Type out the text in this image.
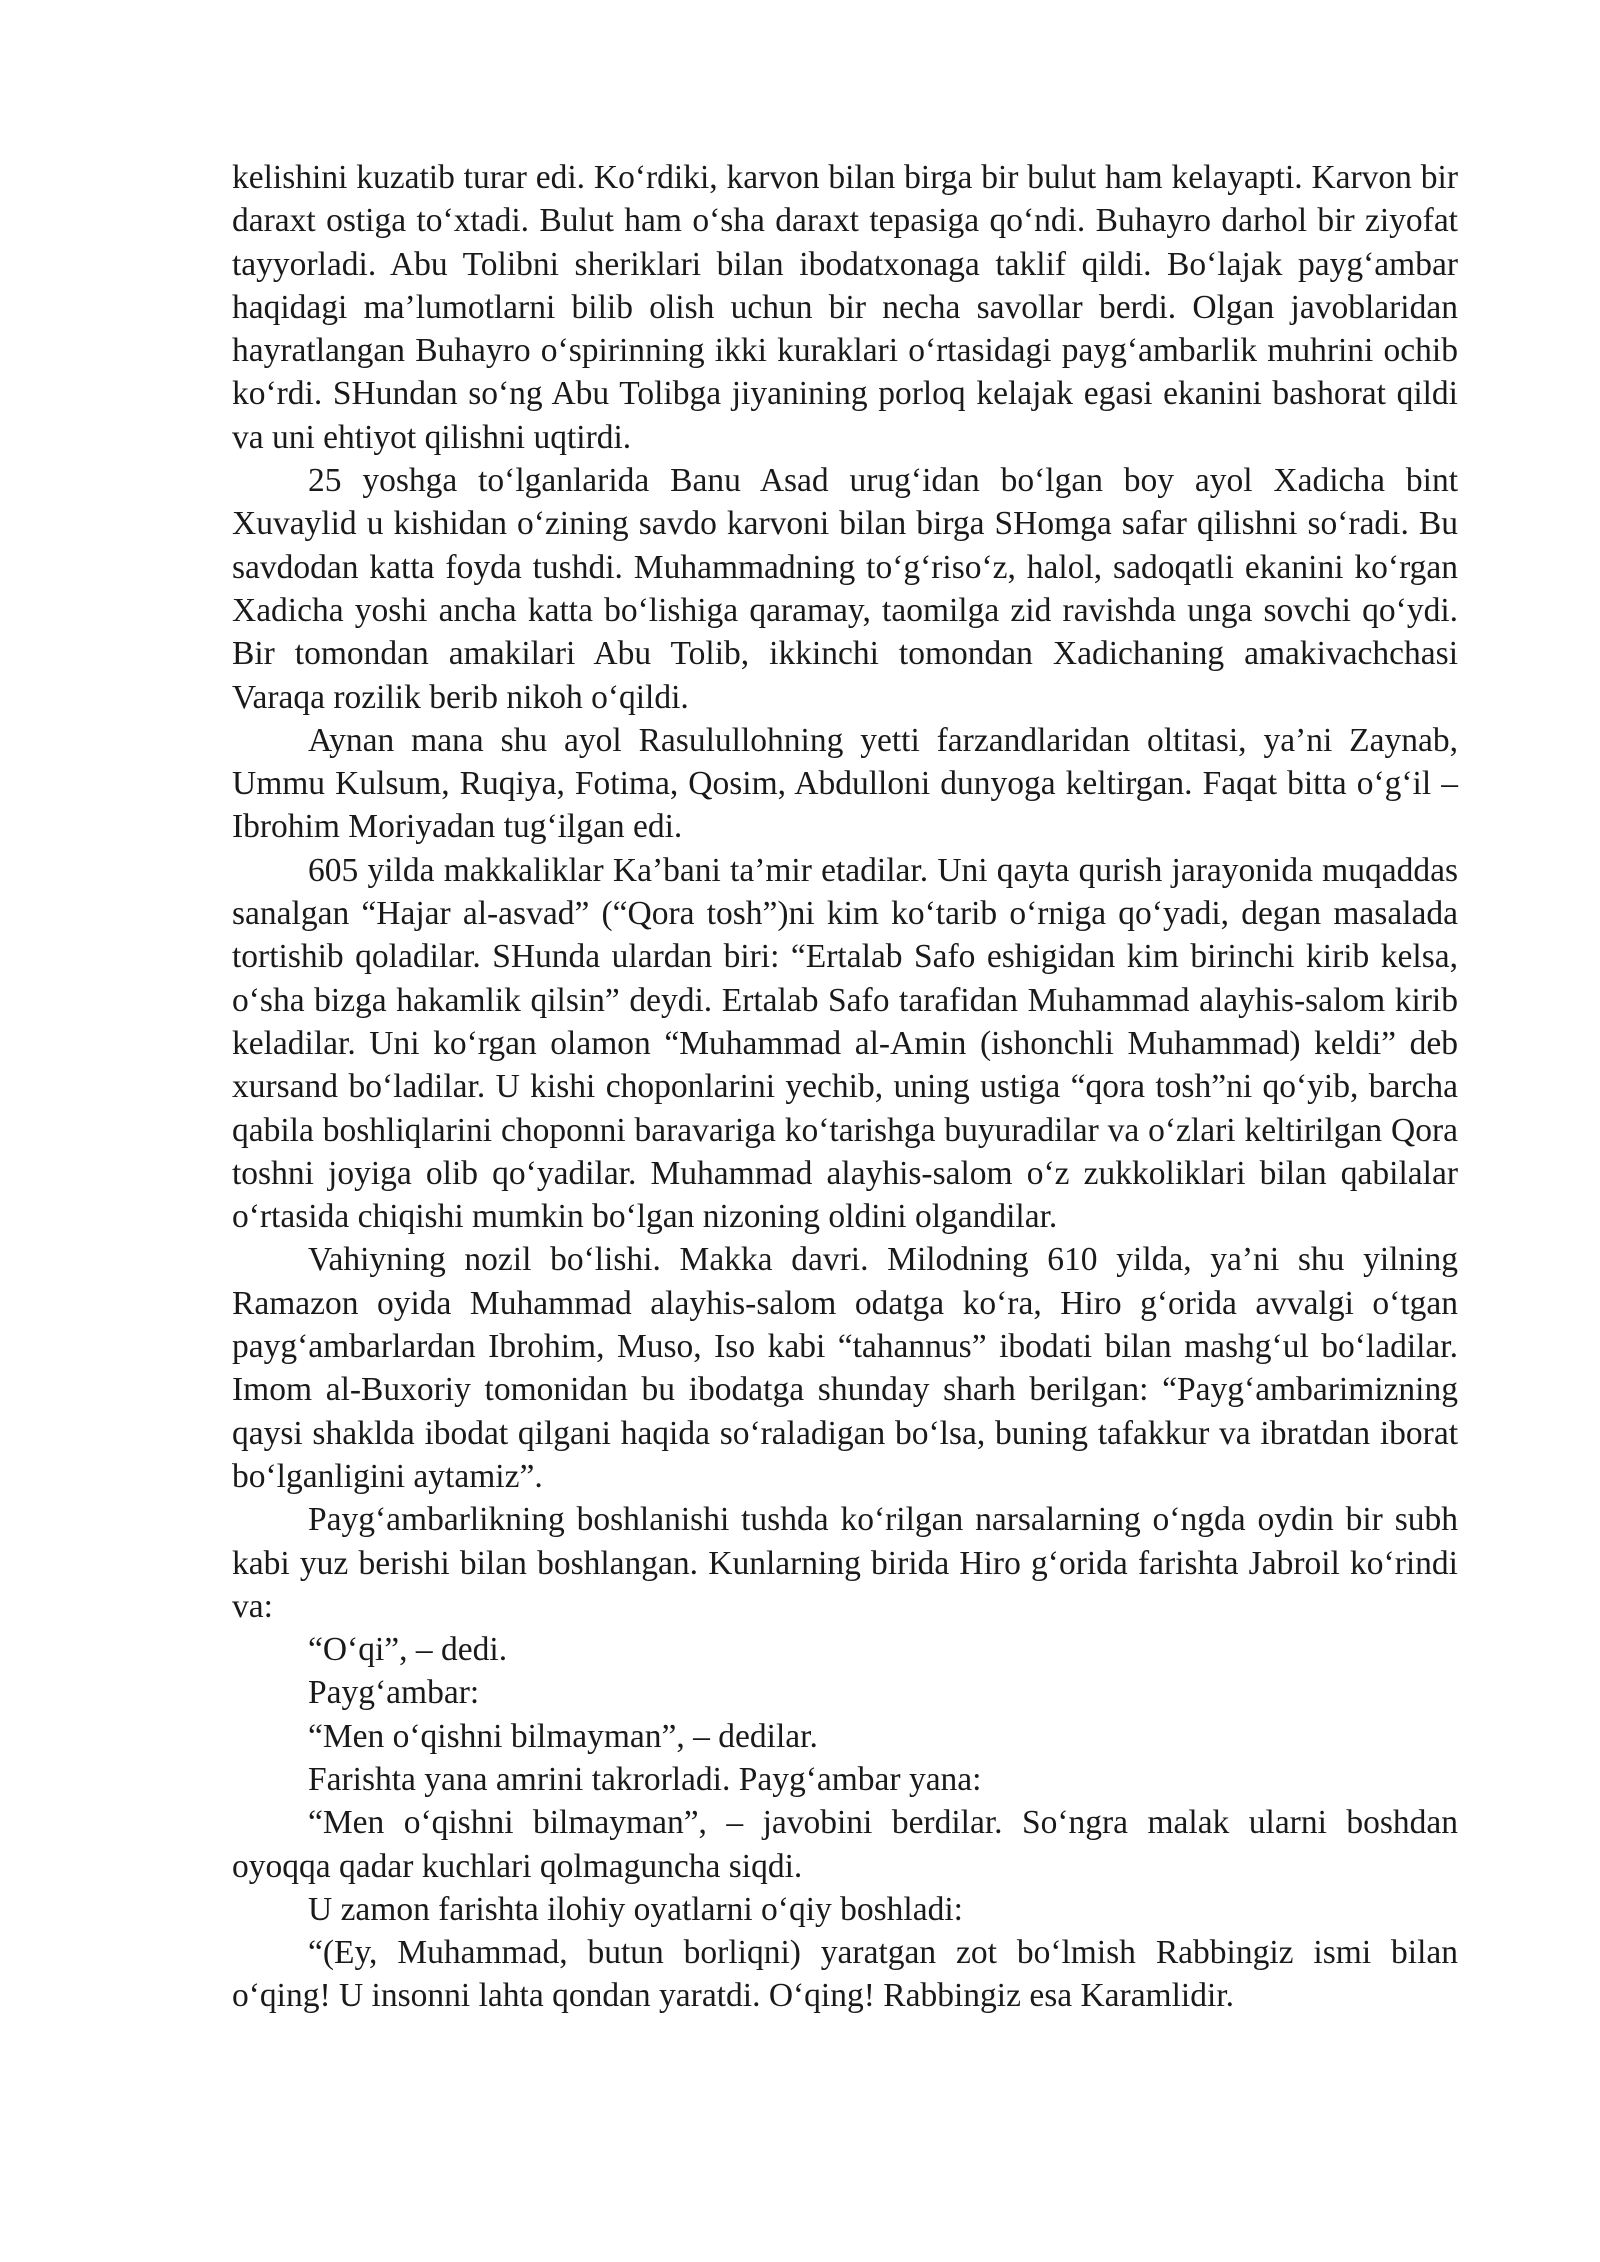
kelishini kuzatib turar edi. Ko‘rdiki, karvon bilan birga bir bulut ham kelayapti. Karvon bir daraxt ostiga to‘xtadi. Bulut ham o‘sha daraxt tepasiga qo‘ndi. Buhayro darhol bir ziyofat tayyorladi. Abu Tolibni sheriklari bilan ibodatxonaga taklif qildi. Bo‘lajak payg‘ambar haqidagi ma’lumotlarni bilib olish uchun bir necha savollar berdi. Olgan javoblaridan hayratlangan Buhayro o‘spirinning ikki kuraklari o‘rtasidagi payg‘ambarlik muhrini ochib ko‘rdi. SHundan so‘ng Abu Tolibga jiyanining porloq kelajak egasi ekanini bashorat qildi va uni ehtiyot qilishni uqtirdi.

25 yoshga to‘lganlarida Banu Asad urug‘idan bo‘lgan boy ayol Xadicha bint Xuvaylid u kishidan o‘zining savdo karvoni bilan birga SHomga safar qilishni so‘radi. Bu savdodan katta foyda tushdi. Muhammadning to‘g‘riso‘z, halol, sadoqatli ekanini ko‘rgan Xadicha yoshi ancha katta bo‘lishiga qaramay, taomilga zid ravishda unga sovchi qo‘ydi. Bir tomondan amakilari Abu Tolib, ikkinchi tomondan Xadichaning amakivachchasi Varaqa rozilik berib nikoh o‘qildi.

Aynan mana shu ayol Rasulullohning yetti farzandlaridan oltitasi, ya’ni Zaynab, Ummu Kulsum, Ruqiya, Fotima, Qosim, Abdulloni dunyoga keltirgan. Faqat bitta o‘g‘il – Ibrohim Moriyadan tug‘ilgan edi.

605 yilda makkaliklar Ka’bani ta’mir etadilar. Uni qayta qurish jarayonida muqaddas sanalgan “Hajar al-asvad” (“Qora tosh”)ni kim ko‘tarib o‘rniga qo‘yadi, degan masalada tortishib qoladilar. SHunda ulardan biri: “Ertalab Safo eshigidan kim birinchi kirib kelsa, o‘sha bizga hakamlik qilsin” deydi. Ertalab Safo tarafidan Muhammad alayhis-salom kirib keladilar. Uni ko‘rgan olamon “Muhammad al-Amin (ishonchli Muhammad) keldi” deb xursand bo‘ladilar. U kishi choponlarini yechib, uning ustiga “qora tosh”ni qo‘yib, barcha qabila boshliqlarini choponni baravariga ko‘tarishga buyuradilar va o‘zlari keltirilgan Qora toshni joyiga olib qo‘yadilar. Muhammad alayhis-salom o‘z zukkoliklari bilan qabilalar o‘rtasida chiqishi mumkin bo‘lgan nizoning oldini olgandilar.

Vahiyning nozil bo‘lishi. Makka davri. Milodning 610 yilda, ya’ni shu yilning Ramazon oyida Muhammad alayhis-salom odatga ko‘ra, Hiro g‘orida avvalgi o‘tgan payg‘ambarlardan Ibrohim, Muso, Iso kabi “tahannus” ibodati bilan mashg‘ul bo‘ladilar. Imom al-Buxoriy tomonidan bu ibodatga shunday sharh berilgan: “Payg‘ambarimizning qaysi shaklda ibodat qilgani haqida so‘raladigan bo‘lsa, buning tafakkur va ibratdan iborat bo‘lganligini aytamiz”.

Payg‘ambarlikning boshlanishi tushda ko‘rilgan narsalarning o‘ngda oydin bir subh kabi yuz berishi bilan boshlangan. Kunlarning birida Hiro g‘orida farishta Jabroil ko‘rindi va:

“O‘qi”, – dedi.

Payg‘ambar:

“Men o‘qishni bilmayman”, – dedilar.

Farishta yana amrini takrorladi. Payg‘ambar yana:

“Men o‘qishni bilmayman”, – javobini berdilar. So‘ngra malak ularni boshdan oyoqqa qadar kuchlari qolmaguncha siqdi.

U zamon farishta ilohiy oyatlarni o‘qiy boshladi:

“(Ey, Muhammad, butun borliqni) yaratgan zot bo‘lmish Rabbingiz ismi bilan o‘qing! U insonni lahta qondan yaratdi. O‘qing! Rabbingiz esa Karamlidir.
